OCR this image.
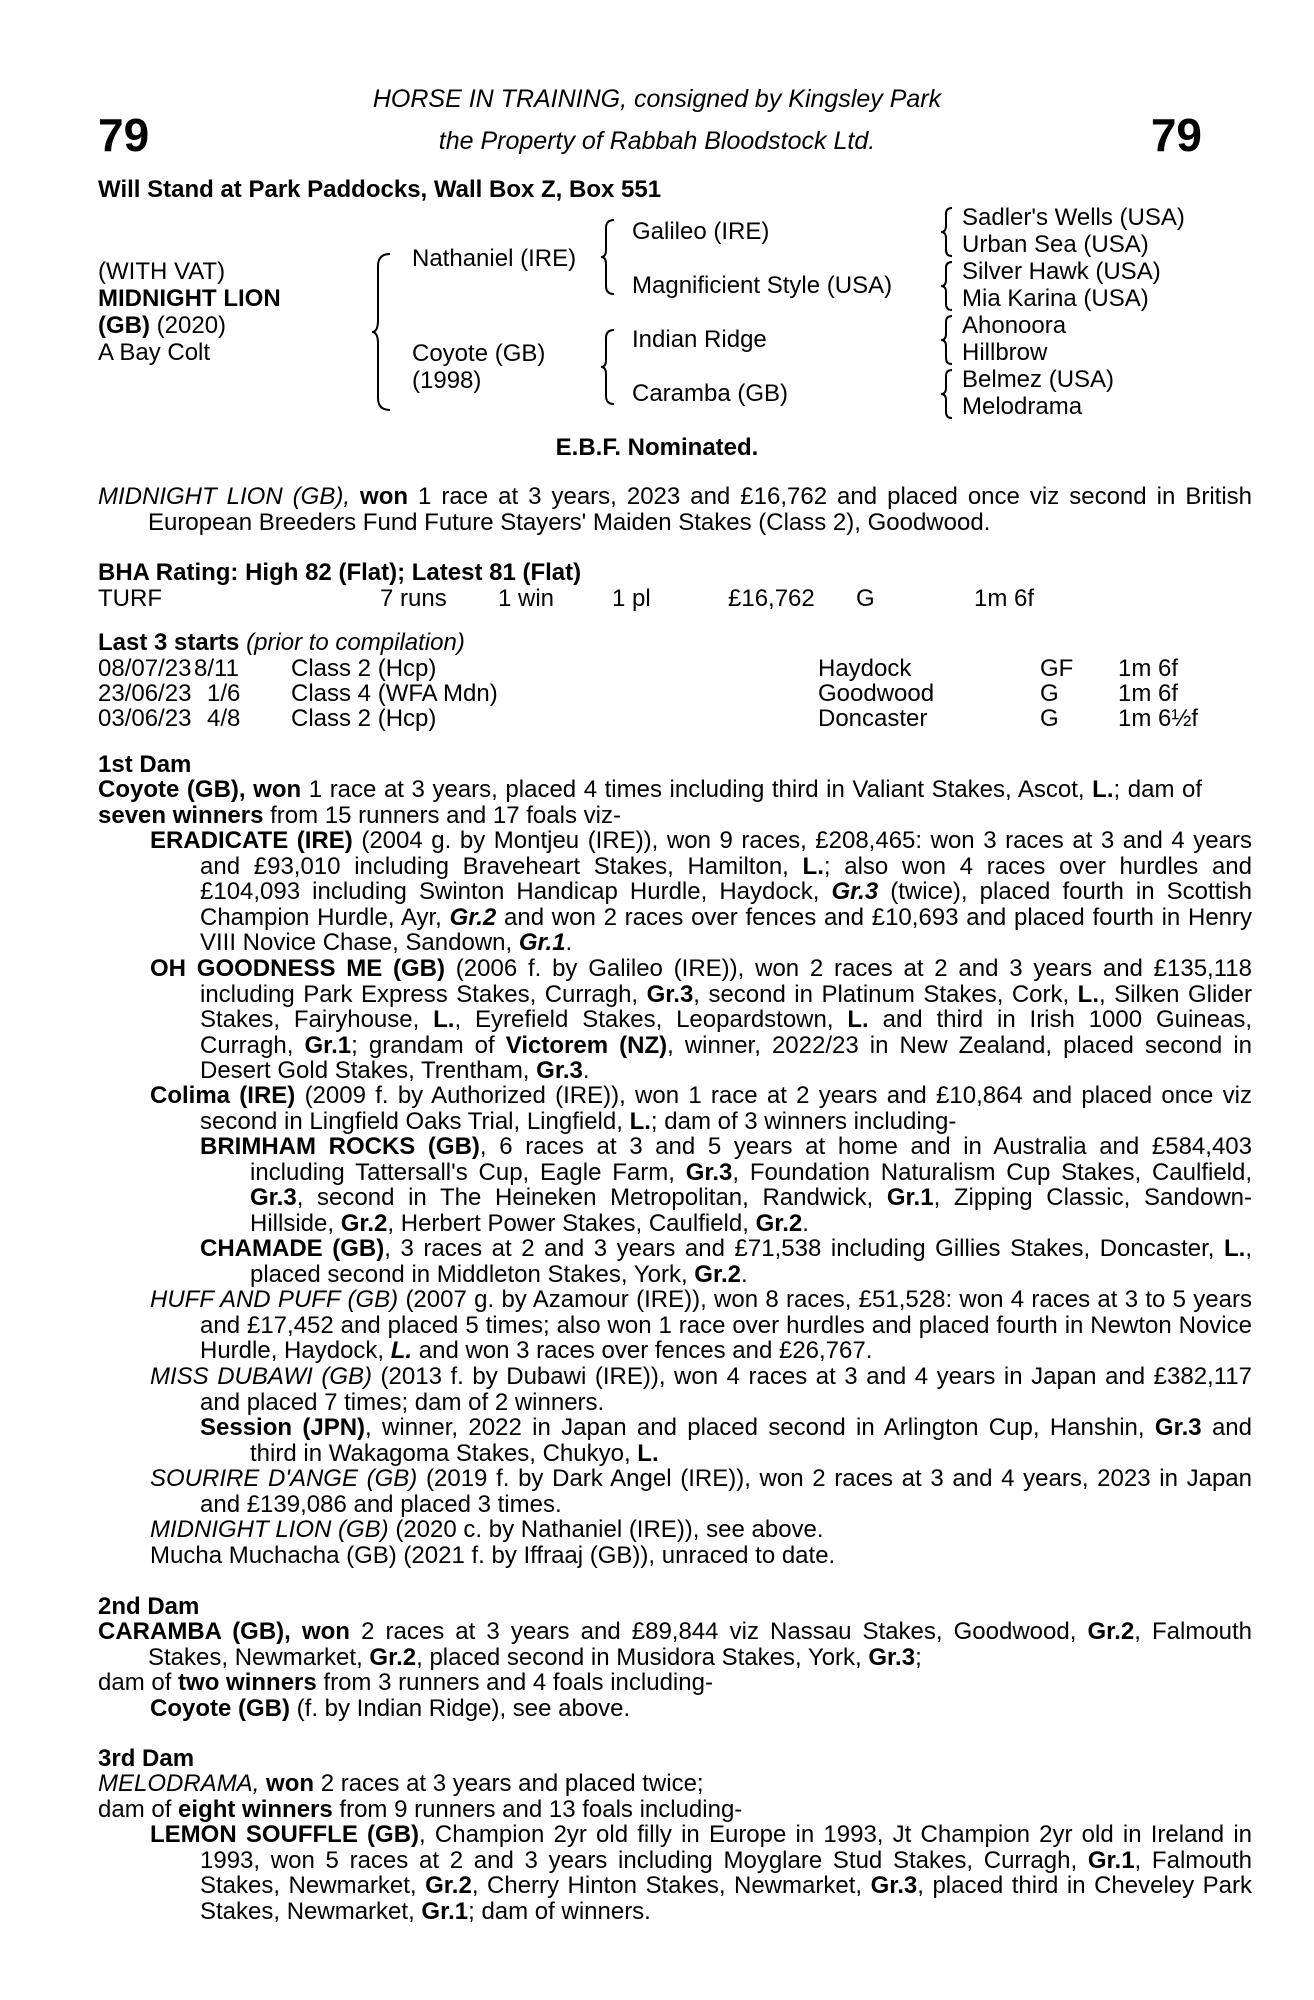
79	79
HORSE IN TRAINING, consigned by Kingsley Park
the Property of Rabbah Bloodstock Ltd.
Will Stand at Park Paddocks, Wall Box Z, Box 551
(WITH VAT)
MIDNIGHT LION
(GB) (2020)
A Bay Colt
Nathaniel (IRE)
Coyote (GB)
(1998)
Galileo (IRE)
Magnificient Style (USA)
Indian Ridge
Caramba (GB)
Sadler's Wells (USA)
Urban Sea (USA)
Silver Hawk (USA)
Mia Karina (USA)
Ahonoora
Hillbrow
Belmez (USA)
Melodrama
E.B.F. Nominated.
MIDNIGHT LION (GB), won 1 race at 3 years, 2023 and £16,762 and placed once viz second in British European Breeders Fund Future Stayers' Maiden Stakes (Class 2), Goodwood.
BHA Rating: High 82 (Flat); Latest 81 (Flat)
TURF	7 runs 1 win 1 pl	£16,762 G	1m 6f
Last 3 starts (prior to compilation)
08/07/23 8/11 Class 2 (Hcp)	Haydock	GF 1m 6f
23/06/23 1/6 Class 4 (WFA Mdn)	Goodwood	G 1m 6f
03/06/23 4/8 Class 2 (Hcp)	Doncaster	G 1m 6½f
1st Dam
Coyote (GB), won 1 race at 3 years, placed 4 times including third in Valiant Stakes, Ascot, L.; dam of seven winners from 15 runners and 17 foals viz-
ERADICATE (IRE) (2004 g. by Montjeu (IRE)), won 9 races, £208,465: won 3 races at 3 and 4 years and £93,010 including Braveheart Stakes, Hamilton, L.; also won 4 races over hurdles and £104,093 including Swinton Handicap Hurdle, Haydock, Gr.3 (twice), placed fourth in Scottish Champion Hurdle, Ayr, Gr.2 and won 2 races over fences and £10,693 and placed fourth in Henry VIII Novice Chase, Sandown, Gr.1.
OH GOODNESS ME (GB) (2006 f. by Galileo (IRE)), won 2 races at 2 and 3 years and £135,118 including Park Express Stakes, Curragh, Gr.3, second in Platinum Stakes, Cork, L., Silken Glider Stakes, Fairyhouse, L., Eyrefield Stakes, Leopardstown, L. and third in Irish 1000 Guineas, Curragh, Gr.1; grandam of Victorem (NZ), winner, 2022/23 in New Zealand, placed second in Desert Gold Stakes, Trentham, Gr.3.
Colima (IRE) (2009 f. by Authorized (IRE)), won 1 race at 2 years and £10,864 and placed once viz second in Lingfield Oaks Trial, Lingfield, L.; dam of 3 winners including-
BRIMHAM ROCKS (GB), 6 races at 3 and 5 years at home and in Australia and £584,403 including Tattersall's Cup, Eagle Farm, Gr.3, Foundation Naturalism Cup Stakes, Caulfield, Gr.3, second in The Heineken Metropolitan, Randwick, Gr.1, Zipping Classic, Sandown-Hillside, Gr.2, Herbert Power Stakes, Caulfield, Gr.2.
CHAMADE (GB), 3 races at 2 and 3 years and £71,538 including Gillies Stakes, Doncaster, L., placed second in Middleton Stakes, York, Gr.2.
HUFF AND PUFF (GB) (2007 g. by Azamour (IRE)), won 8 races, £51,528: won 4 races at 3 to 5 years and £17,452 and placed 5 times; also won 1 race over hurdles and placed fourth in Newton Novice Hurdle, Haydock, L. and won 3 races over fences and £26,767.
MISS DUBAWI (GB) (2013 f. by Dubawi (IRE)), won 4 races at 3 and 4 years in Japan and £382,117 and placed 7 times; dam of 2 winners.
Session (JPN), winner, 2022 in Japan and placed second in Arlington Cup, Hanshin, Gr.3 and third in Wakagoma Stakes, Chukyo, L.
SOURIRE D'ANGE (GB) (2019 f. by Dark Angel (IRE)), won 2 races at 3 and 4 years, 2023 in Japan and £139,086 and placed 3 times.
MIDNIGHT LION (GB) (2020 c. by Nathaniel (IRE)), see above.
Mucha Muchacha (GB) (2021 f. by Iffraaj (GB)), unraced to date.
2nd Dam
CARAMBA (GB), won 2 races at 3 years and £89,844 viz Nassau Stakes, Goodwood, Gr.2, Falmouth Stakes, Newmarket, Gr.2, placed second in Musidora Stakes, York, Gr.3;
dam of two winners from 3 runners and 4 foals including-
Coyote (GB) (f. by Indian Ridge), see above.
3rd Dam
MELODRAMA, won 2 races at 3 years and placed twice;
dam of eight winners from 9 runners and 13 foals including-
LEMON SOUFFLE (GB), Champion 2yr old filly in Europe in 1993, Jt Champion 2yr old in Ireland in 1993, won 5 races at 2 and 3 years including Moyglare Stud Stakes, Curragh, Gr.1, Falmouth Stakes, Newmarket, Gr.2, Cherry Hinton Stakes, Newmarket, Gr.3, placed third in Cheveley Park Stakes, Newmarket, Gr.1; dam of winners.
